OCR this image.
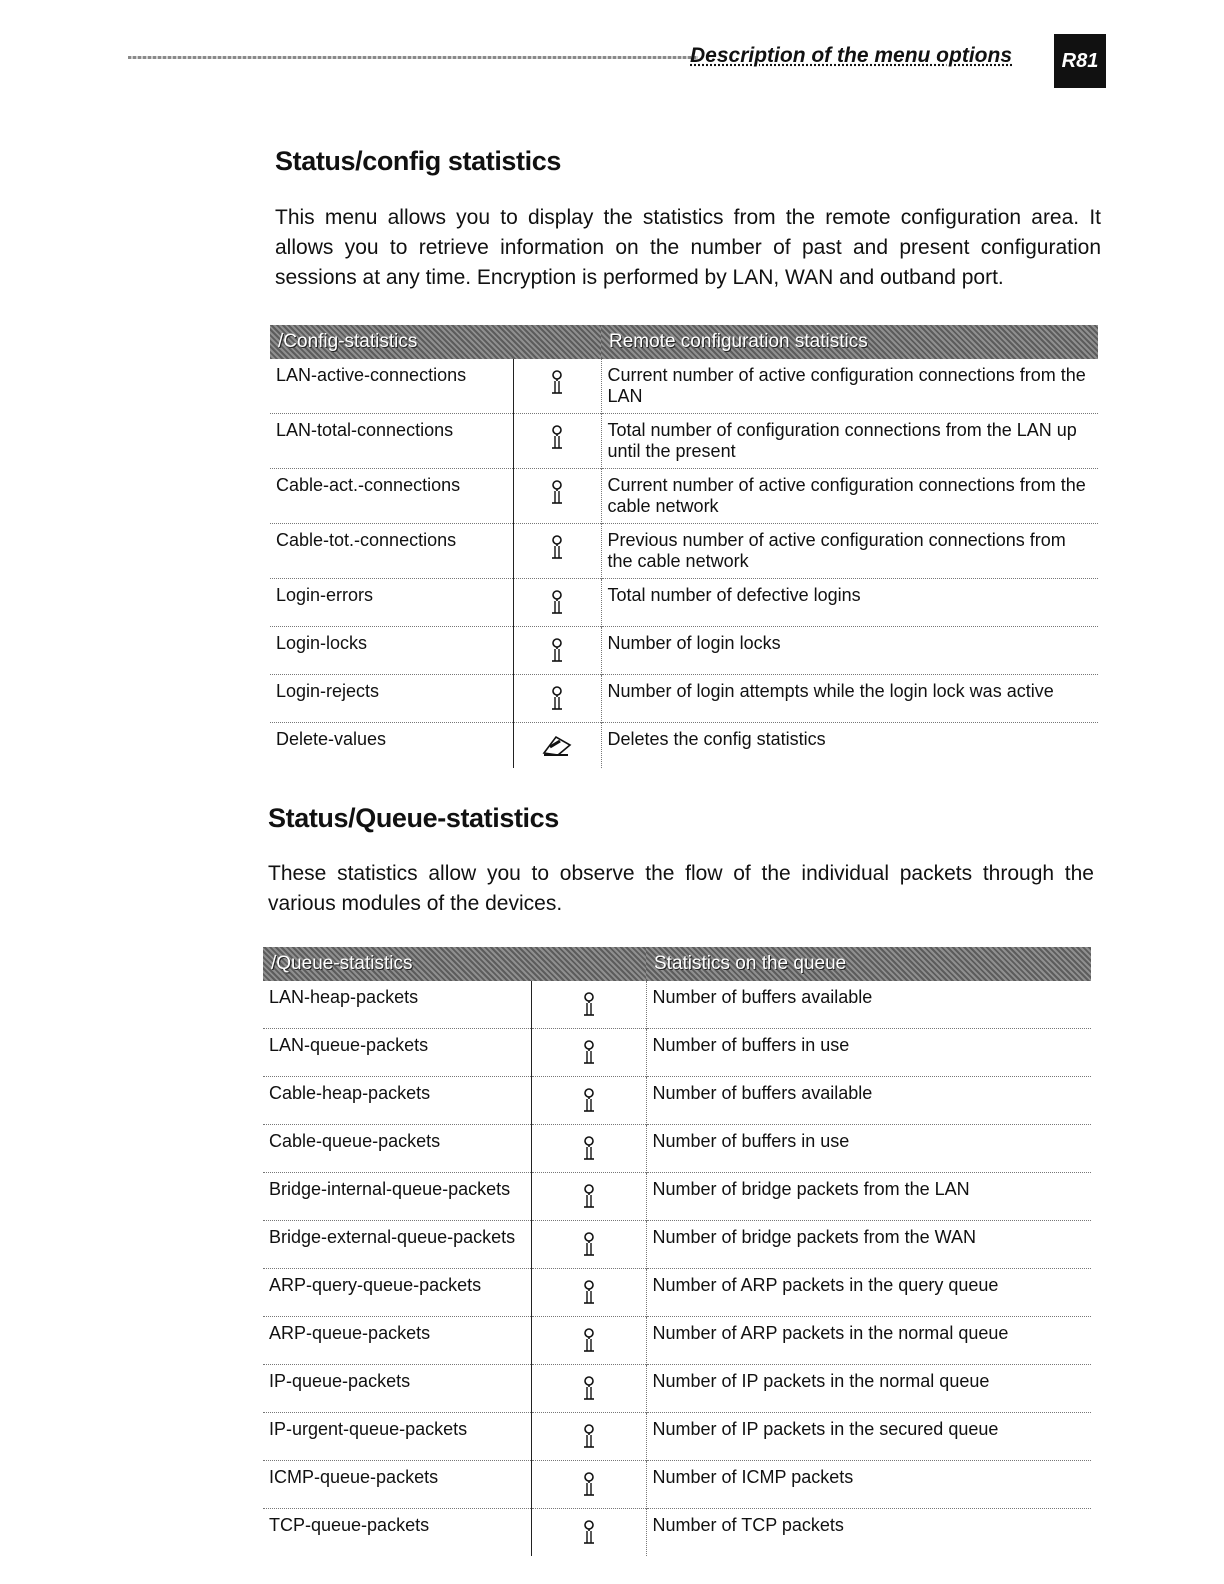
Description of the menu options	R81
Status/config statistics

This menu allows you to display the statistics from the remote configuration area. It allows you to retrieve information on the number of past and present configuration sessions at any time. Encryption is performed by LAN, WAN and outband port.

/Config-statistics		Remote configuration statistics
LAN-active-connections		Current number of active configuration connections from the LAN
LAN-total-connections		Total number of configuration connections from the LAN up until the present
Cable-act.-connections		Current number of active configuration connections from the cable network
Cable-tot.-connections		Previous number of active configuration connections from the cable network
Login-errors		Total number of defective logins
Login-locks		Number of login locks
Login-rejects		Number of login attempts while the login lock was active
Delete-values		Deletes the config statistics
Status/Queue-statistics

These statistics allow you to observe the flow of the individual packets through the various modules of the devices.

/Queue-statistics		Statistics on the queue
LAN-heap-packets		Number of buffers available
LAN-queue-packets		Number of buffers in use
Cable-heap-packets		Number of buffers available
Cable-queue-packets		Number of buffers in use
Bridge-internal-queue-packets		Number of bridge packets from the LAN
Bridge-external-queue-packets		Number of bridge packets from the WAN
ARP-query-queue-packets		Number of ARP packets in the query queue
ARP-queue-packets		Number of ARP packets in the normal queue
IP-queue-packets		Number of IP packets in the normal queue
IP-urgent-queue-packets		Number of IP packets in the secured queue
ICMP-queue-packets		Number of ICMP packets
TCP-queue-packets		Number of TCP packets
